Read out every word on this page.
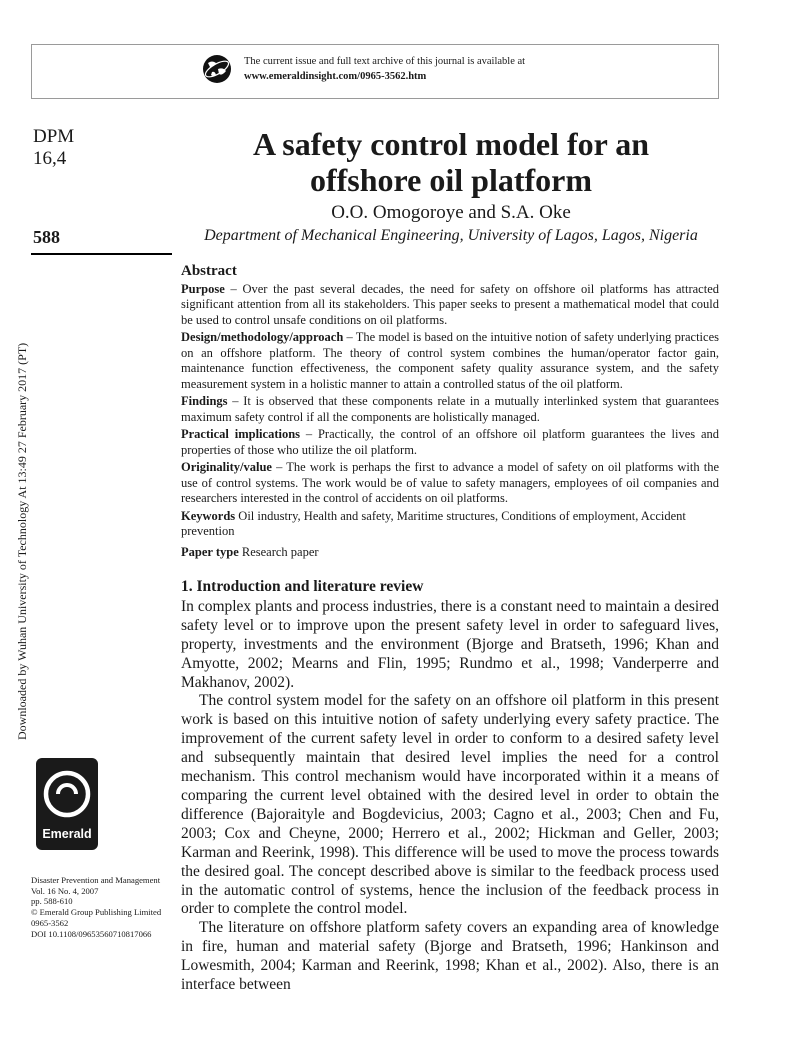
The current issue and full text archive of this journal is available at
www.emeraldinsight.com/0965-3562.htm
DPM
16,4
588
A safety control model for an
offshore oil platform
O.O. Omogoroye and S.A. Oke
Department of Mechanical Engineering, University of Lagos, Lagos, Nigeria
Abstract

Purpose – Over the past several decades, the need for safety on offshore oil platforms has attracted significant attention from all its stakeholders. This paper seeks to present a mathematical model that could be used to control unsafe conditions on oil platforms.

Design/methodology/approach – The model is based on the intuitive notion of safety underlying practices on an offshore platform. The theory of control system combines the human/operator factor gain, maintenance function effectiveness, the component safety quality assurance system, and the safety measurement system in a holistic manner to attain a controlled status of the oil platform.

Findings – It is observed that these components relate in a mutually interlinked system that guarantees maximum safety control if all the components are holistically managed.

Practical implications – Practically, the control of an offshore oil platform guarantees the lives and properties of those who utilize the oil platform.

Originality/value – The work is perhaps the first to advance a model of safety on oil platforms with the use of control systems. The work would be of value to safety managers, employees of oil companies and researchers interested in the control of accidents on oil platforms.

Keywords Oil industry, Health and safety, Maritime structures, Conditions of employment, Accident prevention

Paper type Research paper

1. Introduction and literature review

In complex plants and process industries, there is a constant need to maintain a desired safety level or to improve upon the present safety level in order to safeguard lives, property, investments and the environment (Bjorge and Bratseth, 1996; Khan and Amyotte, 2002; Mearns and Flin, 1995; Rundmo et al., 1998; Vanderperre and Makhanov, 2002).

The control system model for the safety on an offshore oil platform in this present work is based on this intuitive notion of safety underlying every safety practice. The improvement of the current safety level in order to conform to a desired safety level and subsequently maintain that desired level implies the need for a control mechanism. This control mechanism would have incorporated within it a means of comparing the current level obtained with the desired level in order to obtain the difference (Bajoraityle and Bogdevicius, 2003; Cagno et al., 2003; Chen and Fu, 2003; Cox and Cheyne, 2000; Herrero et al., 2002; Hickman and Geller, 2003; Karman and Reerink, 1998). This difference will be used to move the process towards the desired goal. The concept described above is similar to the feedback process used in the automatic control of systems, hence the inclusion of the feedback process in order to complete the control model.

The literature on offshore platform safety covers an expanding area of knowledge in fire, human and material safety (Bjorge and Bratseth, 1996; Hankinson and Lowesmith, 2004; Karman and Reerink, 1998; Khan et al., 2002). Also, there is an interface between

Downloaded by Wuhan University of Technology At 13:49 27 February 2017 (PT)
Emerald
Disaster Prevention and Management
Vol. 16 No. 4, 2007
pp. 588-610
© Emerald Group Publishing Limited
0965-3562
DOI 10.1108/09653560710817066
